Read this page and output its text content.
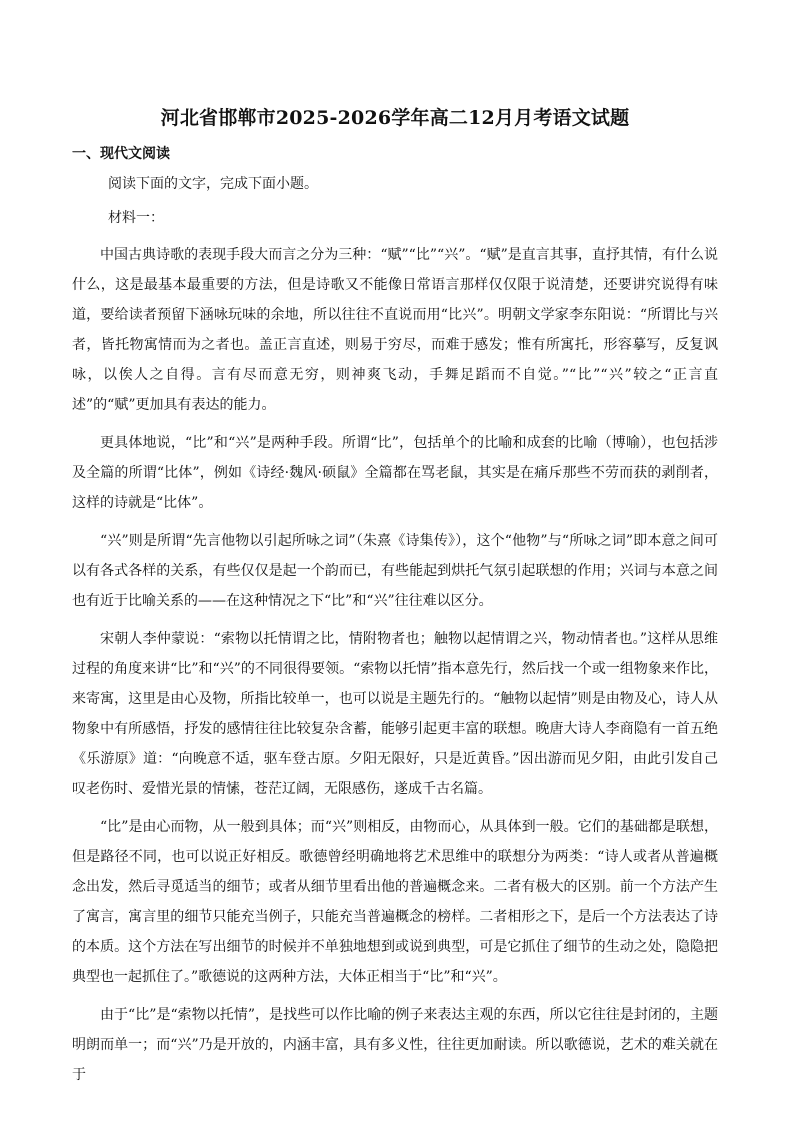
河北省邯郸市2025-2026学年高二12月月考语文试题
一、现代文阅读
阅读下面的文字，完成下面小题。
材料一：

中国古典诗歌的表现手段大而言之分为三种：“赋”“比”“兴”。“赋”是直言其事，直抒其情，有什么说什么，这是最基本最重要的方法，但是诗歌又不能像日常语言那样仅仅限于说清楚，还要讲究说得有味道，要给读者预留下涵咏玩味的余地，所以往往不直说而用“比兴”。明朝文学家李东阳说：“所谓比与兴者，皆托物寓情而为之者也。盖正言直述，则易于穷尽，而难于感发；惟有所寓托，形容摹写，反复讽咏，以俟人之自得。言有尽而意无穷，则神爽飞动，手舞足蹈而不自觉。”“比”“兴”较之“正言直述”的“赋”更加具有表达的能力。

更具体地说，“比”和“兴”是两种手段。所谓“比”，包括单个的比喻和成套的比喻（博喻），也包括涉及全篇的所谓“比体”，例如《诗经·魏风·硕鼠》全篇都在骂老鼠，其实是在痛斥那些不劳而获的剥削者，这样的诗就是“比体”。

“兴”则是所谓“先言他物以引起所咏之词”（朱熹《诗集传》），这个“他物”与“所咏之词”即本意之间可以有各式各样的关系，有些仅仅是起一个韵而已，有些能起到烘托气氛引起联想的作用；兴词与本意之间也有近于比喻关系的——在这种情况之下“比”和“兴”往往难以区分。

宋朝人李仲蒙说：“索物以托情谓之比，情附物者也；触物以起情谓之兴，物动情者也。”这样从思维过程的角度来讲“比”和“兴”的不同很得要领。“索物以托情”指本意先行，然后找一个或一组物象来作比，来寄寓，这里是由心及物，所指比较单一，也可以说是主题先行的。“触物以起情”则是由物及心，诗人从物象中有所感悟，抒发的感情往往比较复杂含蓄，能够引起更丰富的联想。晚唐大诗人李商隐有一首五绝《乐游原》道：“向晚意不适，驱车登古原。夕阳无限好，只是近黄昏。”因出游而见夕阳，由此引发自己叹老伤时、爱惜光景的情愫，苍茫辽阔，无限感伤，遂成千古名篇。

“比”是由心而物，从一般到具体；而“兴”则相反，由物而心，从具体到一般。它们的基础都是联想，但是路径不同，也可以说正好相反。歌德曾经明确地将艺术思维中的联想分为两类：“诗人或者从普遍概念出发，然后寻觅适当的细节；或者从细节里看出他的普遍概念来。二者有极大的区别。前一个方法产生了寓言，寓言里的细节只能充当例子，只能充当普遍概念的榜样。二者相形之下，是后一个方法表达了诗的本质。这个方法在写出细节的时候并不单独地想到或说到典型，可是它抓住了细节的生动之处，隐隐把典型也一起抓住了。”歌德说的这两种方法，大体正相当于“比”和“兴”。

由于“比”是“索物以托情”，是找些可以作比喻的例子来表达主观的东西，所以它往往是封闭的，主题明朗而单一；而“兴”乃是开放的，内涵丰富，具有多义性，往往更加耐读。所以歌德说，艺术的难关就在于
